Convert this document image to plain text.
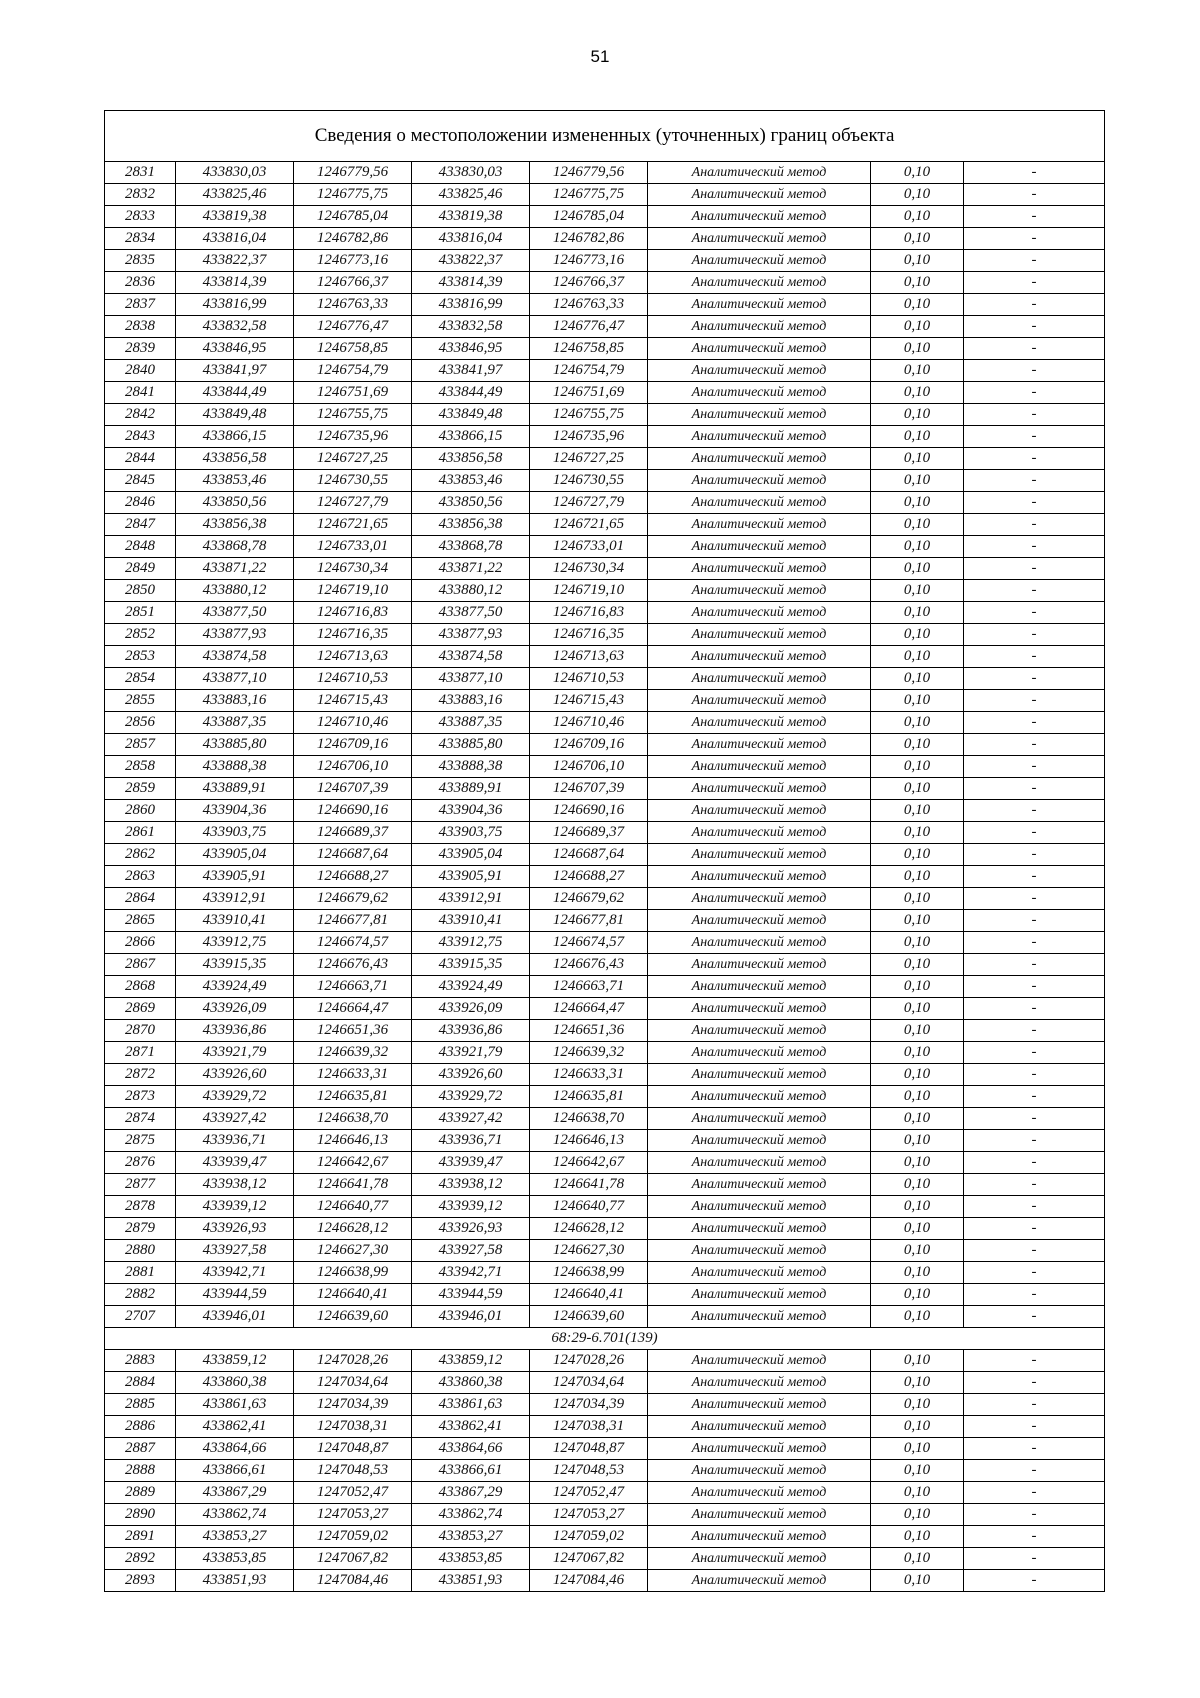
51
Сведения о местоположении измененных (уточненных) границ объекта							
2831	433830,03	1246779,56	433830,03	1246779,56	Аналитический метод	0,10	-
2832	433825,46	1246775,75	433825,46	1246775,75	Аналитический метод	0,10	-
2833	433819,38	1246785,04	433819,38	1246785,04	Аналитический метод	0,10	-
2834	433816,04	1246782,86	433816,04	1246782,86	Аналитический метод	0,10	-
2835	433822,37	1246773,16	433822,37	1246773,16	Аналитический метод	0,10	-
2836	433814,39	1246766,37	433814,39	1246766,37	Аналитический метод	0,10	-
2837	433816,99	1246763,33	433816,99	1246763,33	Аналитический метод	0,10	-
2838	433832,58	1246776,47	433832,58	1246776,47	Аналитический метод	0,10	-
2839	433846,95	1246758,85	433846,95	1246758,85	Аналитический метод	0,10	-
2840	433841,97	1246754,79	433841,97	1246754,79	Аналитический метод	0,10	-
2841	433844,49	1246751,69	433844,49	1246751,69	Аналитический метод	0,10	-
2842	433849,48	1246755,75	433849,48	1246755,75	Аналитический метод	0,10	-
2843	433866,15	1246735,96	433866,15	1246735,96	Аналитический метод	0,10	-
2844	433856,58	1246727,25	433856,58	1246727,25	Аналитический метод	0,10	-
2845	433853,46	1246730,55	433853,46	1246730,55	Аналитический метод	0,10	-
2846	433850,56	1246727,79	433850,56	1246727,79	Аналитический метод	0,10	-
2847	433856,38	1246721,65	433856,38	1246721,65	Аналитический метод	0,10	-
2848	433868,78	1246733,01	433868,78	1246733,01	Аналитический метод	0,10	-
2849	433871,22	1246730,34	433871,22	1246730,34	Аналитический метод	0,10	-
2850	433880,12	1246719,10	433880,12	1246719,10	Аналитический метод	0,10	-
2851	433877,50	1246716,83	433877,50	1246716,83	Аналитический метод	0,10	-
2852	433877,93	1246716,35	433877,93	1246716,35	Аналитический метод	0,10	-
2853	433874,58	1246713,63	433874,58	1246713,63	Аналитический метод	0,10	-
2854	433877,10	1246710,53	433877,10	1246710,53	Аналитический метод	0,10	-
2855	433883,16	1246715,43	433883,16	1246715,43	Аналитический метод	0,10	-
2856	433887,35	1246710,46	433887,35	1246710,46	Аналитический метод	0,10	-
2857	433885,80	1246709,16	433885,80	1246709,16	Аналитический метод	0,10	-
2858	433888,38	1246706,10	433888,38	1246706,10	Аналитический метод	0,10	-
2859	433889,91	1246707,39	433889,91	1246707,39	Аналитический метод	0,10	-
2860	433904,36	1246690,16	433904,36	1246690,16	Аналитический метод	0,10	-
2861	433903,75	1246689,37	433903,75	1246689,37	Аналитический метод	0,10	-
2862	433905,04	1246687,64	433905,04	1246687,64	Аналитический метод	0,10	-
2863	433905,91	1246688,27	433905,91	1246688,27	Аналитический метод	0,10	-
2864	433912,91	1246679,62	433912,91	1246679,62	Аналитический метод	0,10	-
2865	433910,41	1246677,81	433910,41	1246677,81	Аналитический метод	0,10	-
2866	433912,75	1246674,57	433912,75	1246674,57	Аналитический метод	0,10	-
2867	433915,35	1246676,43	433915,35	1246676,43	Аналитический метод	0,10	-
2868	433924,49	1246663,71	433924,49	1246663,71	Аналитический метод	0,10	-
2869	433926,09	1246664,47	433926,09	1246664,47	Аналитический метод	0,10	-
2870	433936,86	1246651,36	433936,86	1246651,36	Аналитический метод	0,10	-
2871	433921,79	1246639,32	433921,79	1246639,32	Аналитический метод	0,10	-
2872	433926,60	1246633,31	433926,60	1246633,31	Аналитический метод	0,10	-
2873	433929,72	1246635,81	433929,72	1246635,81	Аналитический метод	0,10	-
2874	433927,42	1246638,70	433927,42	1246638,70	Аналитический метод	0,10	-
2875	433936,71	1246646,13	433936,71	1246646,13	Аналитический метод	0,10	-
2876	433939,47	1246642,67	433939,47	1246642,67	Аналитический метод	0,10	-
2877	433938,12	1246641,78	433938,12	1246641,78	Аналитический метод	0,10	-
2878	433939,12	1246640,77	433939,12	1246640,77	Аналитический метод	0,10	-
2879	433926,93	1246628,12	433926,93	1246628,12	Аналитический метод	0,10	-
2880	433927,58	1246627,30	433927,58	1246627,30	Аналитический метод	0,10	-
2881	433942,71	1246638,99	433942,71	1246638,99	Аналитический метод	0,10	-
2882	433944,59	1246640,41	433944,59	1246640,41	Аналитический метод	0,10	-
2707	433946,01	1246639,60	433946,01	1246639,60	Аналитический метод	0,10	-
68:29-6.701(139)							
2883	433859,12	1247028,26	433859,12	1247028,26	Аналитический метод	0,10	-
2884	433860,38	1247034,64	433860,38	1247034,64	Аналитический метод	0,10	-
2885	433861,63	1247034,39	433861,63	1247034,39	Аналитический метод	0,10	-
2886	433862,41	1247038,31	433862,41	1247038,31	Аналитический метод	0,10	-
2887	433864,66	1247048,87	433864,66	1247048,87	Аналитический метод	0,10	-
2888	433866,61	1247048,53	433866,61	1247048,53	Аналитический метод	0,10	-
2889	433867,29	1247052,47	433867,29	1247052,47	Аналитический метод	0,10	-
2890	433862,74	1247053,27	433862,74	1247053,27	Аналитический метод	0,10	-
2891	433853,27	1247059,02	433853,27	1247059,02	Аналитический метод	0,10	-
2892	433853,85	1247067,82	433853,85	1247067,82	Аналитический метод	0,10	-
2893	433851,93	1247084,46	433851,93	1247084,46	Аналитический метод	0,10	-
